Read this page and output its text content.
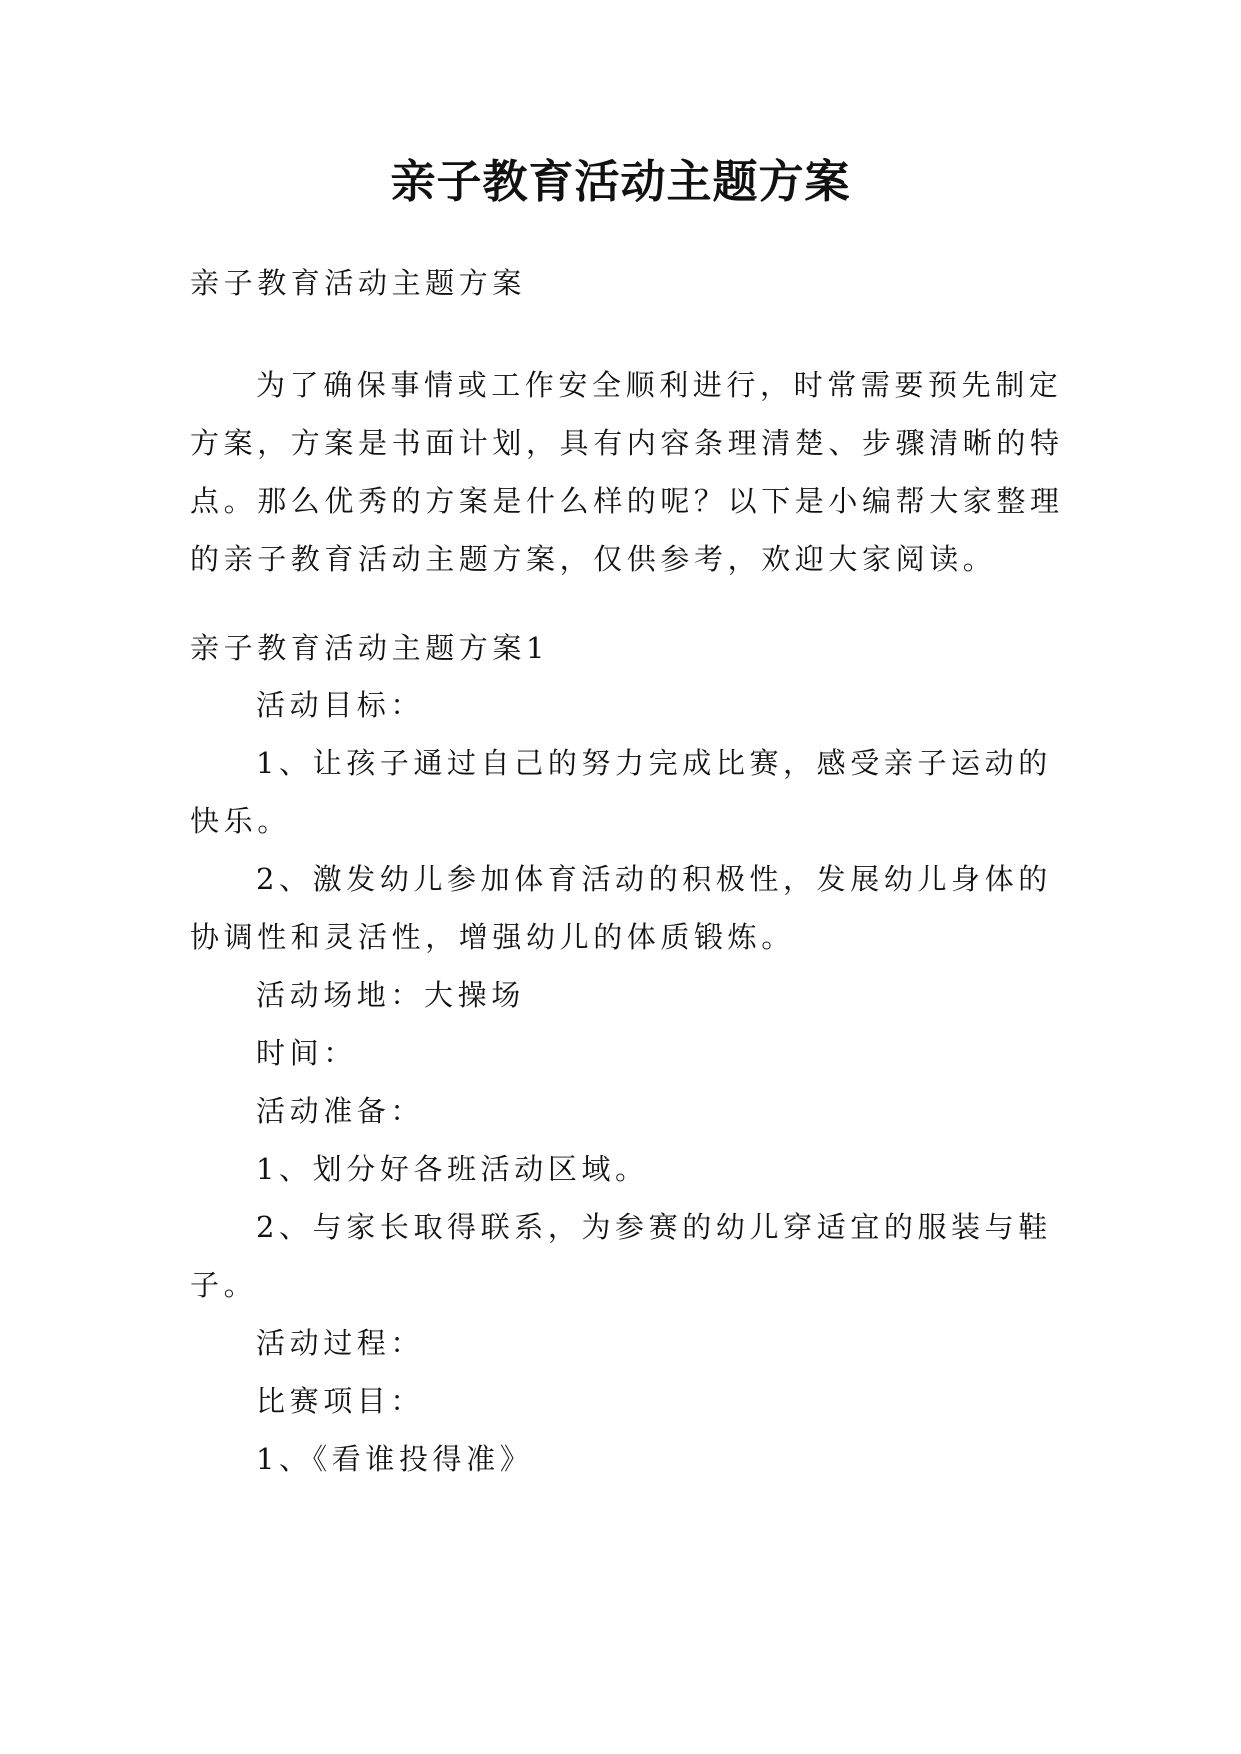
亲子教育活动主题方案

亲子教育活动主题方案

为了确保事情或工作安全顺利进行，时常需要预先制定
方案，方案是书面计划，具有内容条理清楚、步骤清晰的特
点。那么优秀的方案是什么样的呢？以下是小编帮大家整理
的亲子教育活动主题方案，仅供参考，欢迎大家阅读。

亲子教育活动主题方案1

活动目标：

1、让孩子通过自己的努力完成比赛，感受亲子运动的
快乐。
2、激发幼儿参加体育活动的积极性，发展幼儿身体的
协调性和灵活性，增强幼儿的体质锻炼。

活动场地：大操场

时间：

活动准备：

1、划分好各班活动区域。

2、与家长取得联系，为参赛的幼儿穿适宜的服装与鞋
子。

活动过程：

比赛项目：

1、《看谁投得准》
